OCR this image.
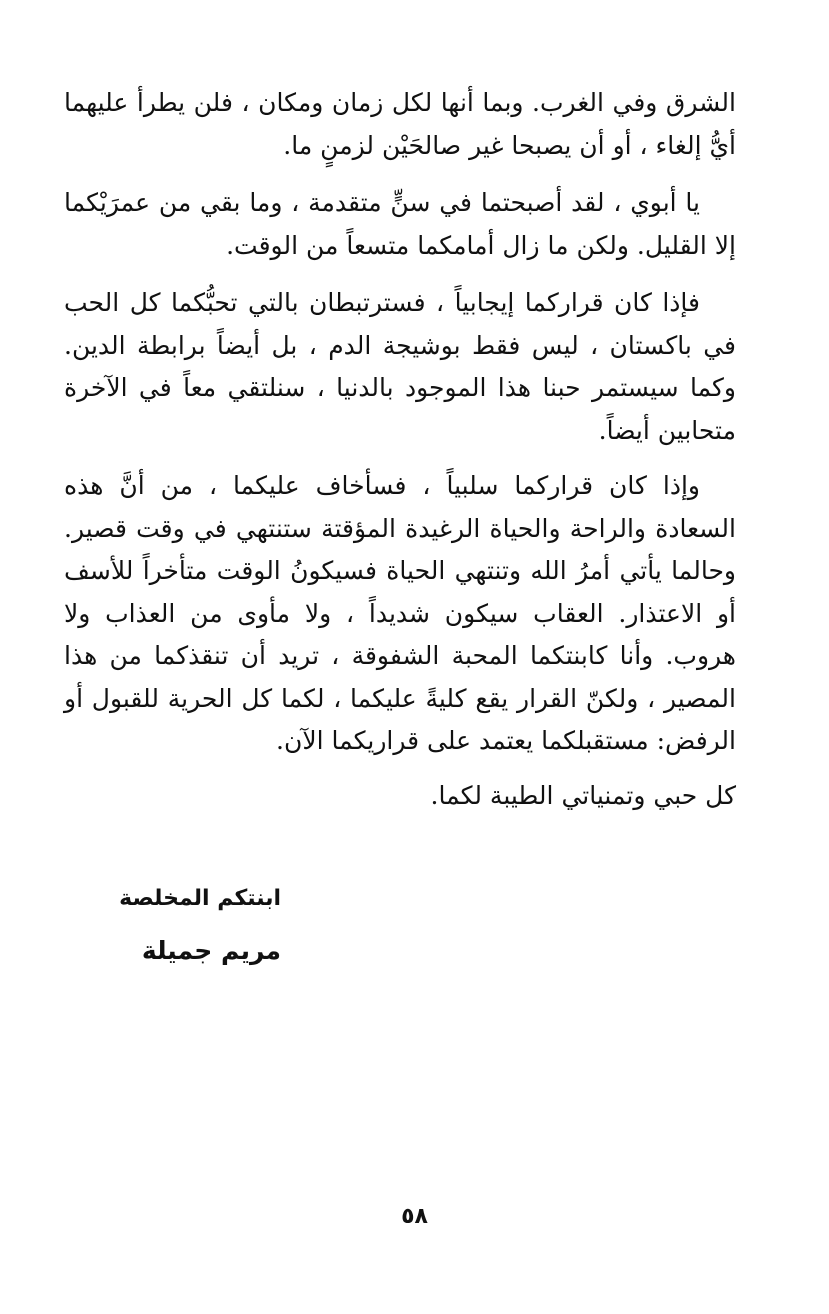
الشرق وفي الغرب. وبما أنها لكل زمان ومكان ، فلن يطرأ عليهما أيُّ إلغاء ، أو أن يصبحا غير صالحَيْن لزمنٍ ما.

يا أبوي ، لقد أصبحتما في سنٍّ متقدمة ، وما بقي من عمرَيْكما إلا القليل. ولكن ما زال أمامكما متسعاً من الوقت.

فإذا كان قراركما إيجابياً ، فسترتبطان بالتي تحبُّكما كل الحب في باكستان ، ليس فقط بوشيجة الدم ، بل أيضاً برابطة الدين. وكما سيستمر حبنا هذا الموجود بالدنيا ، سنلتقي معاً في الآخرة متحابين أيضاً.

وإذا كان قراركما سلبياً ، فسأخاف عليكما ، من أنَّ هذه السعادة والراحة والحياة الرغيدة المؤقتة ستنتهي في وقت قصير. وحالما يأتي أمرُ الله وتنتهي الحياة فسيكونُ الوقت متأخراً للأسف أو الاعتذار. العقاب سيكون شديداً ، ولا مأوى من العذاب ولا هروب. وأنا كابنتكما المحبة الشفوقة ، تريد أن تنقذكما من هذا المصير ، ولكنّ القرار يقع كليةً عليكما ، لكما كل الحرية للقبول أو الرفض: مستقبلكما يعتمد على قراريكما الآن.

كل حبي وتمنياتي الطيبة لكما.

ابنتكم المخلصة
مريم جميلة
٥٨
